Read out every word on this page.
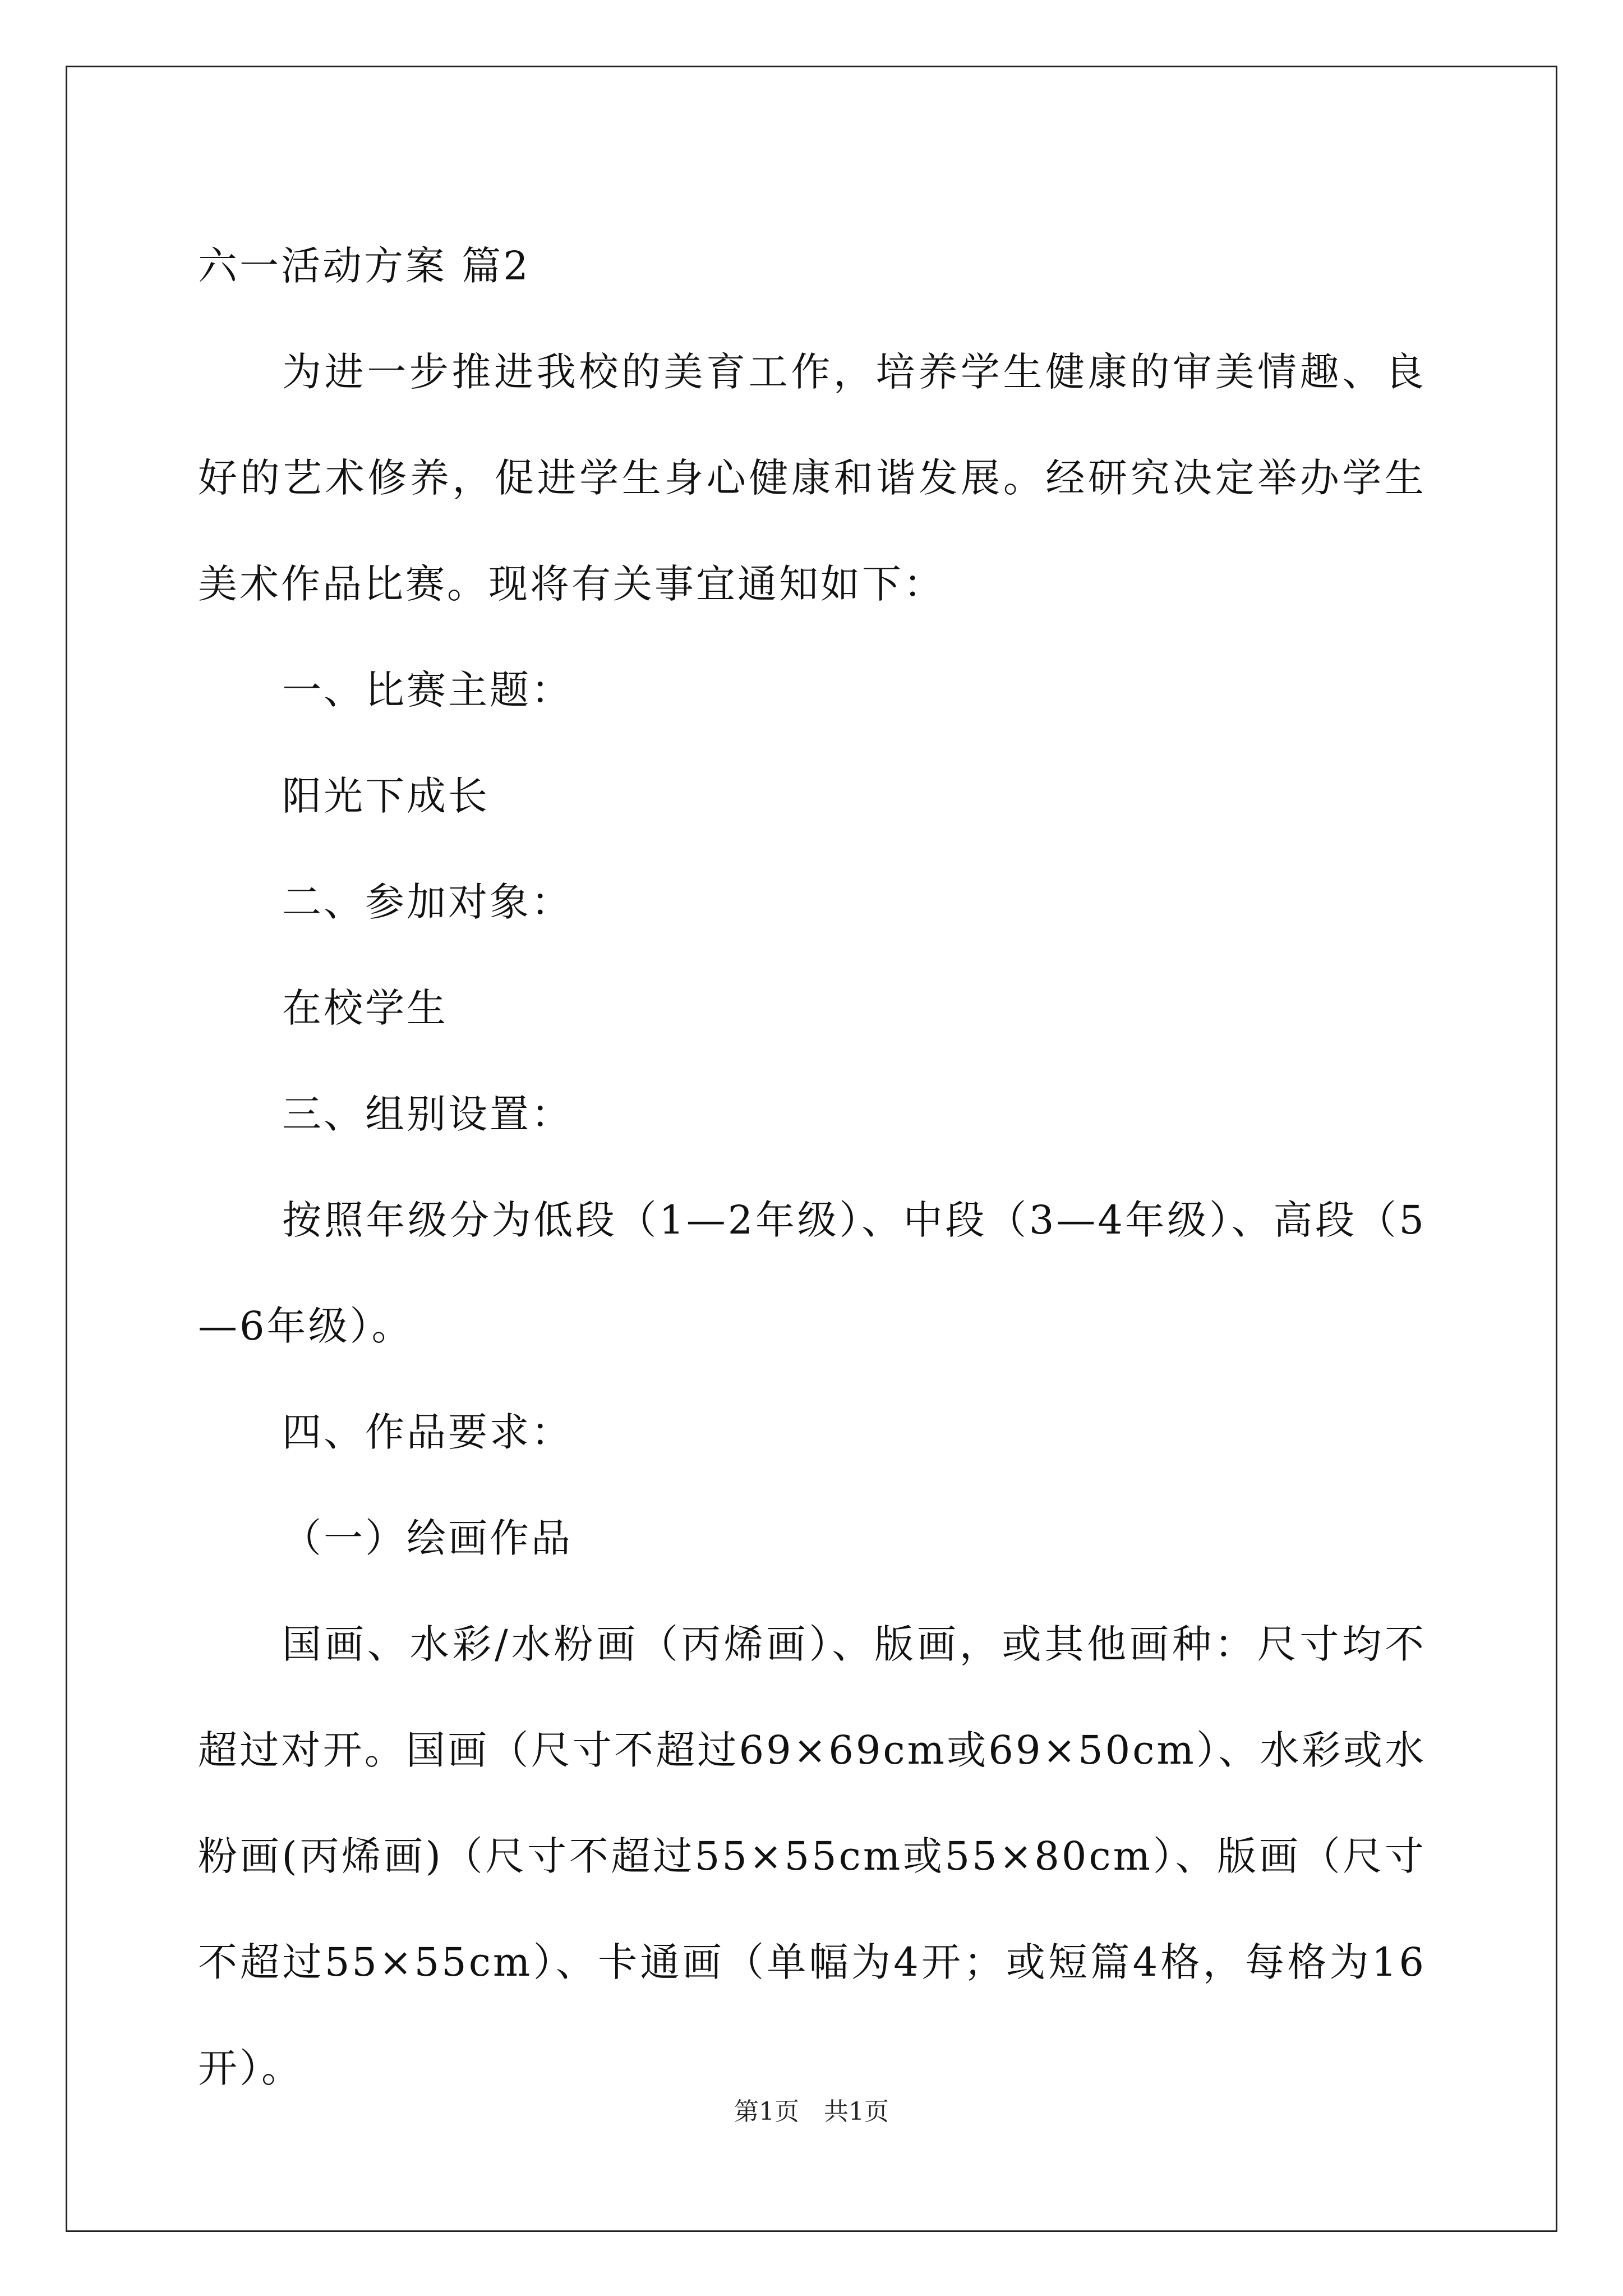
六一活动方案 篇2

为进一步推进我校的美育工作，培养学生健康的审美情趣、良好的艺术修养，促进学生身心健康和谐发展。经研究决定举办学生美术作品比赛。现将有关事宜通知如下：

一、比赛主题：

阳光下成长

二、参加对象：

在校学生

三、组别设置：

按照年级分为低段（1—2年级）、中段（3—4年级）、高段（5—6年级）。

四、作品要求：

（一）绘画作品

国画、水彩/水粉画（丙烯画）、版画，或其他画种：尺寸均不超过对开。国画（尺寸不超过69×69cm或69×50cm）、水彩或水粉画(丙烯画)（尺寸不超过55×55cm或55×80cm）、版画（尺寸不超过55×55cm）、卡通画（单幅为4开；或短篇4格，每格为16开）。

第1页　共1页
